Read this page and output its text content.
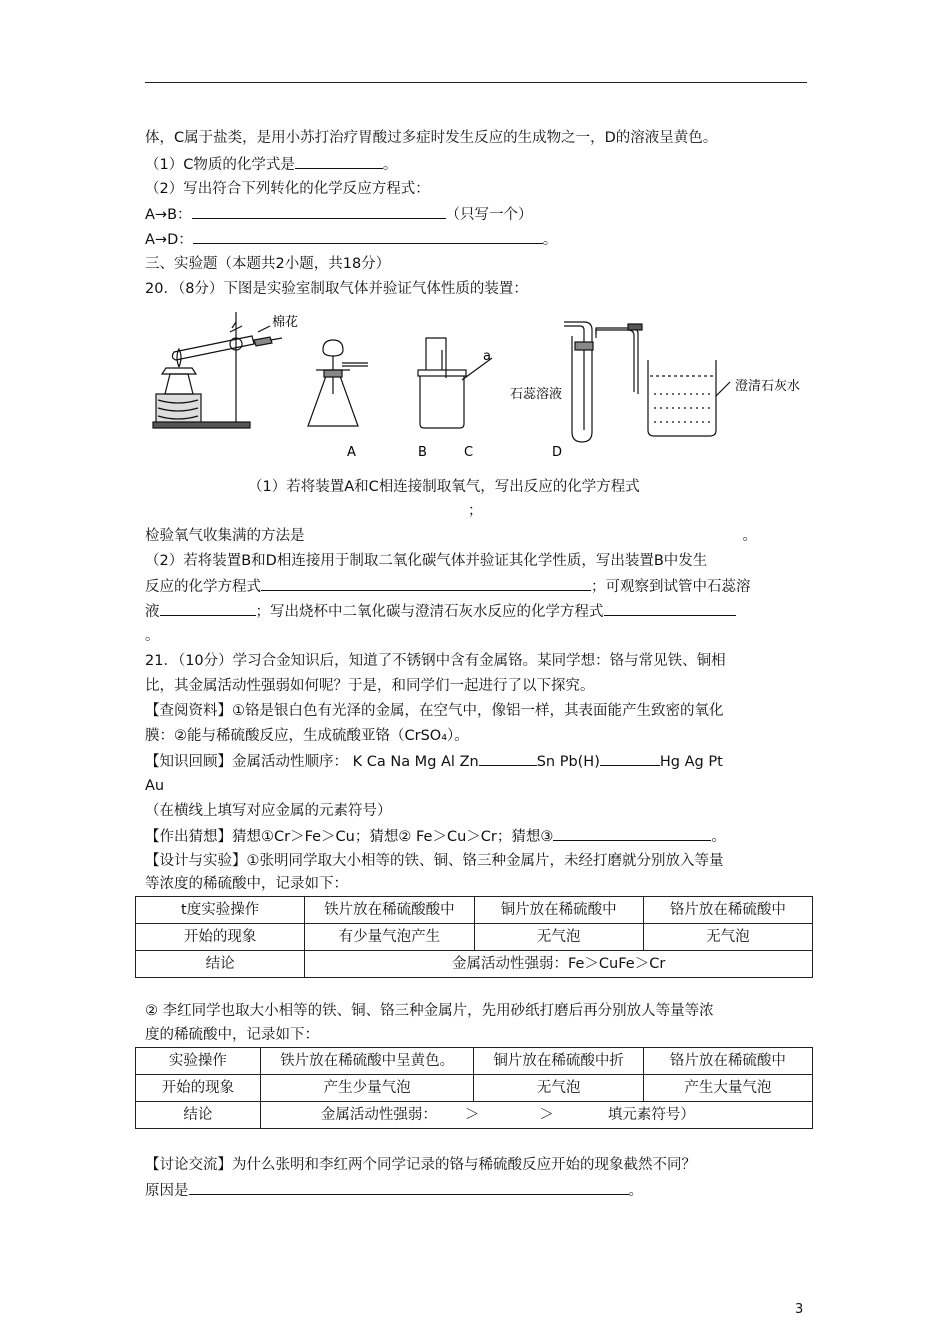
体，C属于盐类，是用小苏打治疗胃酸过多症时发生反应的生成物之一，D的溶液呈黄色。
（1）C物质的化学式是	。
（2）写出符合下列转化的化学反应方程式：
A→B：	（只写一个）
A→D：	。
三、实验题（本题共2小题，共18分）
20．（8分）下图是实验室制取气体并验证气体性质的装置：
棉花
a
石蕊溶液
澄清石灰水
A	B	C	D
（1）若将装置A和C相连接制取氧气，写出反应的化学方程式
；
检验氧气收集满的方法是	。
（2）若将装置B和D相连接用于制取二氧化碳气体并验证其化学性质，写出装置B中发生
反应的化学方程式	；可观察到试管中石蕊溶
液	；写出烧杯中二氧化碳与澄清石灰水反应的化学方程式
。
21．（10分）学习合金知识后，知道了不锈钢中含有金属铬。某同学想：铬与常见铁、铜相
比，其金属活动性强弱如何呢？于是，和同学们一起进行了以下探究。
【查阅资料】①铬是银白色有光泽的金属，在空气中，像铝一样，其表面能产生致密的氧化
膜：②能与稀硫酸反应，生成硫酸亚铬（CrSO₄）。
【知识回顾】金属活动性顺序： K Ca Na Mg Al Zn	Sn Pb(H)	Hg Ag Pt
Au
（在横线上填写对应金属的元素符号）
【作出猜想】猜想①Cr＞Fe＞Cu；猜想② Fe＞Cu＞Cr；猜想③	。
【设计与实验】①张明同学取大小相等的铁、铜、铬三种金属片，未经打磨就分别放入等量
等浓度的稀硫酸中，记录如下：
t度实验操作	铁片放在稀硫酸酸中	铜片放在稀硫酸中	铬片放在稀硫酸中
开始的现象	有少量气泡产生	无气泡	无气泡
结论	金属活动性强弱：Fe＞CuFe＞Cr		
② 李红同学也取大小相等的铁、铜、铬三种金属片，先用砂纸打磨后再分别放人等量等浓
度的稀硫酸中，记录如下：
实验操作	铁片放在稀硫酸中呈黄色。	铜片放在稀硫酸中折	铬片放在稀硫酸中
开始的现象	产生少量气泡	无气泡	产生大量气泡
结论	金属活动性强弱： ＞ ＞ 填元素符号）		
【讨论交流】为什么张明和李红两个同学记录的铬与稀硫酸反应开始的现象截然不同？
原因是	。
3
